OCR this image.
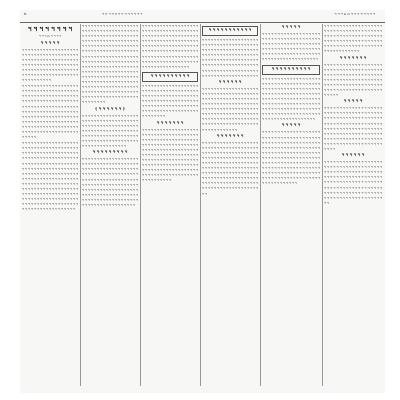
๒	ฯ ก ฯ ฯ ก ฯ ฯ ฯ ฯ ฯ ฯ ฯ ฯ	ฯ ฯ ฯ ๑ ๓ ฯ ฯ ฯ ฯ ฯ ฯ ฯ ฯ
ฯ ฯ ฯ ฯ ฯ ฯ ฯ ฯ
ฯ ฯ ฯ ๓ ฯ ฯ ฯ ฯ
ฯ ฯ ฯ ฯ ฯ

ฯ ฯ ฯ ฯ ฯ ฯ ฯ ฯ ฯ ฯ ฯ ฯ ฯ ฯ ฯ ฯ ฯ ฯ ฯ ฯ ฯ ฯ ฯ ฯ ฯ ฯ ฯ ฯ ฯ ฯ ฯ ฯ ฯ ฯ ฯ ฯ ฯ ฯ ฯ ฯ ฯ ฯ ฯ ฯ ฯ ฯ ฯ ฯ ฯ ฯ ฯ ฯ ฯ ฯ ฯ ฯ ฯ ฯ ฯ ฯ ฯ ฯ ฯ ฯ ฯ ฯ ฯ ฯ ฯ ฯ ฯ ฯ ฯ ฯ ฯ ฯ ฯ ฯ ฯ ฯ ฯ ฯ ฯ ฯ ฯ ฯ ฯ ฯ ฯ ฯ ฯ ฯ ฯ ฯ ฯ ฯ ฯ ฯ ฯ ฯ ฯ ฯ ฯ ฯ ฯ ฯ ฯ ฯ ฯ ฯ ฯ ฯ ฯ ฯ ฯ ฯ ฯ ฯ ฯ ฯ ฯ ฯ ฯ ฯ

ฯ ฯ ฯ ฯ ฯ ฯ ฯ ฯ ฯ ฯ ฯ ฯ ฯ ฯ ฯ ฯ ฯ ฯ ฯ ฯ ฯ ฯ ฯ ฯ ฯ ฯ ฯ ฯ ฯ ฯ ฯ ฯ ฯ ฯ ฯ ฯ ฯ ฯ ฯ ฯ ฯ ฯ ฯ ฯ ฯ ฯ ฯ ฯ ฯ ฯ ฯ ฯ ฯ ฯ ฯ ฯ ฯ ฯ ฯ ฯ ฯ ฯ ฯ ฯ ฯ ฯ ฯ ฯ ฯ ฯ ฯ ฯ ฯ ฯ ฯ ฯ ฯ ฯ ฯ ฯ ฯ ฯ ฯ ฯ ฯ ฯ ฯ ฯ ฯ ฯ ฯ ฯ ฯ ฯ ฯ ฯ ฯ ฯ ฯ ฯ ฯ ฯ ฯ ฯ ฯ ฯ ฯ ฯ ฯ ฯ ฯ ฯ ฯ ฯ ฯ ฯ ฯ ฯ ฯ ฯ ฯ ฯ ฯ ฯ ฯ ฯ ฯ ฯ ฯ ฯ ฯ ฯ ฯ ฯ ฯ ฯ ฯ ฯ ฯ ฯ ฯ ฯ ฯ ฯ ฯ ฯ ฯ ฯ ฯ ฯ ฯ ฯ ฯ ฯ ฯ ฯ ฯ ฯ ฯ ฯ ฯ ฯ ฯ ฯ ฯ ฯ ฯ ฯ ฯ ฯ ฯ ฯ ฯ ฯ ฯ ฯ ฯ ฯ ฯ ฯ ฯ ฯ ฯ ฯ ฯ ฯ ฯ ฯ ฯ ฯ ฯ ฯ ฯ ฯ ฯ

ฯ ฯ ฯ ฯ ฯ ฯ ฯ ฯ ฯ ฯ ฯ ฯ ฯ ฯ ฯ ฯ ฯ ฯ ฯ ฯ ฯ ฯ ฯ ฯ ฯ ฯ ฯ ฯ ฯ ฯ ฯ ฯ ฯ ฯ ฯ ฯ ฯ ฯ ฯ ฯ ฯ ฯ ฯ ฯ ฯ ฯ ฯ ฯ ฯ ฯ ฯ ฯ ฯ ฯ ฯ ฯ ฯ ฯ ฯ ฯ ฯ ฯ ฯ ฯ ฯ ฯ ฯ ฯ ฯ ฯ ฯ ฯ ฯ ฯ ฯ ฯ ฯ ฯ ฯ ฯ ฯ ฯ ฯ ฯ ฯ ฯ ฯ ฯ ฯ ฯ ฯ ฯ ฯ ฯ ฯ ฯ ฯ ฯ ฯ ฯ ฯ ฯ ฯ ฯ ฯ ฯ ฯ ฯ ฯ ฯ ฯ ฯ ฯ ฯ ฯ ฯ ฯ ฯ ฯ ฯ ฯ ฯ ฯ ฯ ฯ ฯ ฯ ฯ ฯ ฯ ฯ ฯ ฯ ฯ ฯ ฯ ฯ ฯ ฯ ฯ ฯ ฯ ฯ ฯ ฯ ฯ ฯ ฯ ฯ ฯ ฯ ฯ ฯ ฯ ฯ ฯ ฯ ฯ ฯ ฯ ฯ ฯ ฯ ฯ ฯ ฯ ฯ ฯ ฯ ฯ ฯ ฯ ฯ ฯ ฯ ฯ ฯ ฯ ฯ ฯ ฯ ฯ ฯ ฯ ฯ ฯ ฯ ฯ ฯ ฯ ฯ ฯ ฯ ฯ ฯ ฯ ฯ ฯ ฯ ฯ ฯ ฯ ฯ ฯ ฯ ฯ ฯ ฯ ฯ ฯ ฯ ฯ ฯ ฯ ฯ ฯ ฯ ฯ ฯ ฯ ฯ ฯ ฯ ฯ ฯ ฯ ฯ ฯ ฯ ฯ ฯ ฯ ฯ ฯ ฯ ฯ ฯ ฯ ฯ ฯ ฯ ฯ ฯ ฯ ฯ ฯ ฯ ฯ ฯ ฯ ฯ ฯ ฯ ฯ ฯ ฯ ฯ ฯ ฯ ฯ ฯ ฯ ฯ ฯ ฯ

ฯ ฯ ฯ ฯ ฯ ฯ ฯ ฯ ฯ ฯ ฯ ฯ ฯ ฯ ฯ ฯ ฯ ฯ ฯ ฯ ฯ ฯ ฯ ฯ ฯ ฯ ฯ ฯ ฯ ฯ ฯ ฯ ฯ ฯ ฯ ฯ ฯ ฯ ฯ ฯ ฯ ฯ ฯ ฯ ฯ ฯ ฯ ฯ ฯ ฯ ฯ ฯ ฯ ฯ ฯ ฯ ฯ ฯ ฯ ฯ ฯ ฯ ฯ ฯ ฯ ฯ ฯ ฯ ฯ ฯ ฯ ฯ ฯ ฯ ฯ ฯ ฯ ฯ ฯ ฯ ฯ ฯ ฯ ฯ ฯ ฯ ฯ ฯ ฯ ฯ ฯ ฯ ฯ ฯ ฯ ฯ ฯ ฯ ฯ ฯ ฯ ฯ ฯ ฯ ฯ ฯ ฯ ฯ ฯ ฯ ฯ ฯ ฯ ฯ ฯ ฯ ฯ ฯ ฯ ฯ ฯ ฯ ฯ ฯ ฯ ฯ ฯ ฯ ฯ ฯ ฯ ฯ ฯ ฯ ฯ ฯ ฯ ฯ ฯ ฯ ฯ ฯ ฯ ฯ ฯ ฯ ฯ ฯ ฯ ฯ ฯ ฯ ฯ ฯ ฯ ฯ ฯ ฯ ฯ ฯ ฯ ฯ ฯ ฯ ฯ ฯ ฯ ฯ ฯ ฯ ฯ ฯ ฯ ฯ ฯ ฯ ฯ ฯ ฯ ฯ ฯ ฯ ฯ ฯ ฯ ฯ ฯ ฯ ฯ ฯ ฯ ฯ ฯ ฯ ฯ ฯ ฯ ฯ ฯ ฯ ฯ ฯ ฯ ฯ ฯ ฯ ฯ ฯ ฯ ฯ ฯ ฯ ฯ ฯ ฯ ฯ ฯ ฯ ฯ ฯ ฯ ฯ ฯ ฯ ฯ ฯ ฯ ฯ ฯ ฯ ฯ ฯ ฯ ฯ ฯ ฯ ฯ ฯ ฯ ฯ ฯ ฯ ฯ ฯ ฯ ฯ ฯ ฯ ฯ ฯ ฯ ฯ ฯ ฯ ฯ ฯ ฯ ฯ ฯ ฯ ฯ ฯ ฯ ฯ ฯ ฯ ฯ ฯ ฯ ฯ ฯ ฯ ฯ ฯ ฯ ฯ ฯ ฯ ฯ ฯ ฯ ฯ ฯ ฯ ฯ ฯ ฯ ฯ ฯ ฯ ฯ ฯ ฯ

( ฯ ฯ ฯ ฯ ฯ ฯ )

ฯ ฯ ฯ ฯ ฯ ฯ ฯ ฯ ฯ ฯ ฯ ฯ ฯ ฯ ฯ ฯ ฯ ฯ ฯ ฯ ฯ ฯ ฯ ฯ ฯ ฯ ฯ ฯ ฯ ฯ ฯ ฯ ฯ ฯ ฯ ฯ ฯ ฯ ฯ ฯ ฯ ฯ ฯ ฯ ฯ ฯ ฯ ฯ ฯ ฯ ฯ ฯ ฯ ฯ ฯ ฯ ฯ ฯ ฯ ฯ ฯ ฯ ฯ ฯ ฯ ฯ ฯ ฯ ฯ ฯ ฯ ฯ ฯ ฯ ฯ ฯ ฯ ฯ ฯ ฯ ฯ ฯ ฯ ฯ ฯ ฯ ฯ ฯ ฯ ฯ ฯ ฯ ฯ ฯ ฯ ฯ ฯ ฯ ฯ ฯ ฯ ฯ ฯ ฯ ฯ ฯ ฯ ฯ ฯ ฯ ฯ ฯ ฯ ฯ ฯ ฯ ฯ ฯ ฯ ฯ ฯ ฯ ฯ ฯ ฯ ฯ ฯ ฯ ฯ

ฯ ฯ ฯ ฯ ฯ ฯ ฯ ฯ ฯ

ฯ ฯ ฯ ฯ ฯ ฯ ฯ ฯ ฯ ฯ ฯ ฯ ฯ ฯ ฯ ฯ ฯ ฯ ฯ ฯ ฯ ฯ ฯ ฯ ฯ ฯ ฯ ฯ ฯ ฯ ฯ ฯ ฯ ฯ ฯ ฯ ฯ ฯ ฯ ฯ ฯ ฯ ฯ ฯ ฯ ฯ ฯ ฯ ฯ ฯ ฯ ฯ ฯ ฯ ฯ ฯ ฯ ฯ ฯ ฯ ฯ ฯ ฯ ฯ ฯ ฯ ฯ ฯ ฯ ฯ ฯ ฯ ฯ ฯ ฯ ฯ ฯ ฯ ฯ ฯ ฯ ฯ ฯ ฯ ฯ ฯ ฯ ฯ ฯ ฯ ฯ ฯ ฯ ฯ ฯ ฯ ฯ ฯ ฯ ฯ ฯ ฯ ฯ ฯ ฯ ฯ ฯ ฯ ฯ ฯ ฯ ฯ ฯ ฯ ฯ ฯ ฯ ฯ ฯ ฯ ฯ ฯ ฯ ฯ ฯ ฯ ฯ ฯ ฯ ฯ ฯ ฯ ฯ ฯ ฯ ฯ ฯ ฯ ฯ ฯ ฯ ฯ ฯ ฯ ฯ ฯ ฯ ฯ ฯ ฯ ฯ ฯ ฯ ฯ ฯ ฯ ฯ ฯ ฯ ฯ ฯ ฯ ฯ ฯ ฯ ฯ ฯ ฯ ฯ ฯ ฯ ฯ ฯ ฯ ฯ ฯ ฯ ฯ ฯ ฯ ฯ ฯ ฯ ฯ ฯ ฯ ฯ ฯ ฯ

ฯ ฯ ฯ ฯ ฯ ฯ ฯ ฯ ฯ ฯ ฯ ฯ ฯ ฯ ฯ ฯ ฯ ฯ ฯ ฯ ฯ ฯ ฯ ฯ ฯ ฯ ฯ ฯ ฯ ฯ ฯ ฯ ฯ ฯ ฯ ฯ ฯ ฯ ฯ ฯ ฯ ฯ ฯ ฯ ฯ ฯ ฯ ฯ ฯ ฯ ฯ ฯ ฯ ฯ ฯ ฯ ฯ ฯ ฯ ฯ ฯ ฯ ฯ ฯ ฯ ฯ ฯ ฯ ฯ ฯ ฯ ฯ ฯ ฯ ฯ ฯ ฯ ฯ ฯ ฯ ฯ ฯ ฯ ฯ ฯ ฯ ฯ ฯ ฯ ฯ ฯ ฯ ฯ ฯ ฯ ฯ ฯ ฯ ฯ ฯ ฯ ฯ ฯ ฯ ฯ ฯ ฯ ฯ ฯ ฯ ฯ ฯ ฯ ฯ ฯ ฯ ฯ ฯ ฯ ฯ ฯ ฯ ฯ ฯ ฯ ฯ ฯ ฯ ฯ ฯ ฯ ฯ ฯ ฯ ฯ ฯ ฯ ฯ ฯ ฯ ฯ ฯ ฯ ฯ ฯ ฯ ฯ ฯ ฯ ฯ ฯ ฯ ฯ ฯ ฯ ฯ ฯ ฯ ฯ ฯ ฯ ฯ ฯ ฯ ฯ ฯ ฯ ฯ

ฯ ฯ ฯ ฯ ฯ ฯ ฯ ฯ ฯ ฯ

ฯ ฯ ฯ ฯ ฯ ฯ ฯ ฯ ฯ ฯ ฯ ฯ ฯ ฯ ฯ ฯ ฯ ฯ ฯ ฯ ฯ ฯ ฯ ฯ ฯ ฯ ฯ ฯ ฯ ฯ ฯ ฯ ฯ ฯ ฯ ฯ ฯ ฯ ฯ ฯ ฯ ฯ ฯ ฯ ฯ ฯ ฯ ฯ ฯ ฯ ฯ ฯ ฯ ฯ ฯ ฯ ฯ ฯ ฯ ฯ ฯ ฯ ฯ ฯ ฯ ฯ ฯ ฯ ฯ ฯ ฯ ฯ ฯ ฯ ฯ ฯ ฯ ฯ ฯ ฯ ฯ ฯ ฯ ฯ ฯ ฯ ฯ ฯ ฯ ฯ ฯ ฯ ฯ ฯ ฯ ฯ ฯ ฯ ฯ ฯ ฯ ฯ ฯ ฯ ฯ ฯ ฯ ฯ ฯ ฯ ฯ ฯ ฯ ฯ ฯ ฯ ฯ ฯ ฯ ฯ ฯ ฯ

ฯ ฯ ฯ ฯ ฯ ฯ ฯ

ฯ ฯ ฯ ฯ ฯ ฯ ฯ ฯ ฯ ฯ ฯ ฯ ฯ ฯ ฯ ฯ ฯ ฯ ฯ ฯ ฯ ฯ ฯ ฯ ฯ ฯ ฯ ฯ ฯ ฯ ฯ ฯ ฯ ฯ ฯ ฯ ฯ ฯ ฯ ฯ ฯ ฯ ฯ ฯ ฯ ฯ ฯ ฯ ฯ ฯ ฯ ฯ ฯ ฯ ฯ ฯ ฯ ฯ ฯ ฯ ฯ ฯ ฯ ฯ ฯ ฯ ฯ ฯ ฯ ฯ ฯ ฯ ฯ ฯ ฯ ฯ ฯ ฯ ฯ ฯ ฯ ฯ ฯ ฯ ฯ ฯ ฯ ฯ ฯ ฯ ฯ ฯ ฯ ฯ ฯ ฯ ฯ ฯ ฯ ฯ ฯ ฯ ฯ ฯ ฯ ฯ ฯ ฯ ฯ ฯ ฯ ฯ ฯ ฯ ฯ ฯ ฯ ฯ ฯ ฯ ฯ ฯ ฯ ฯ ฯ ฯ ฯ ฯ ฯ ฯ ฯ ฯ ฯ ฯ ฯ ฯ ฯ ฯ ฯ ฯ ฯ ฯ ฯ ฯ ฯ ฯ ฯ ฯ ฯ ฯ ฯ ฯ ฯ ฯ ฯ ฯ ฯ ฯ ฯ ฯ ฯ ฯ ฯ ฯ ฯ ฯ ฯ ฯ ฯ ฯ ฯ ฯ ฯ ฯ ฯ ฯ ฯ ฯ ฯ ฯ ฯ ฯ ฯ ฯ ฯ ฯ ฯ ฯ ฯ ฯ ฯ ฯ ฯ ฯ ฯ ฯ ฯ ฯ ฯ ฯ

ฯ ฯ ฯ ฯ ฯ ฯ ฯ ฯ ฯ ฯ ฯ

ฯ ฯ ฯ ฯ ฯ ฯ ฯ ฯ ฯ ฯ ฯ ฯ ฯ ฯ ฯ ฯ ฯ ฯ ฯ ฯ ฯ ฯ ฯ ฯ ฯ ฯ ฯ ฯ ฯ ฯ ฯ ฯ ฯ ฯ ฯ ฯ ฯ ฯ ฯ ฯ ฯ ฯ ฯ ฯ ฯ ฯ ฯ ฯ ฯ ฯ ฯ ฯ ฯ ฯ ฯ ฯ ฯ ฯ ฯ ฯ ฯ ฯ ฯ ฯ ฯ ฯ ฯ ฯ ฯ ฯ ฯ ฯ ฯ ฯ ฯ ฯ ฯ ฯ ฯ ฯ ฯ ฯ ฯ ฯ ฯ ฯ ฯ ฯ ฯ ฯ ฯ ฯ ฯ ฯ ฯ ฯ ฯ ฯ ฯ ฯ ฯ ฯ ฯ ฯ ฯ ฯ ฯ ฯ ฯ ฯ ฯ ฯ ฯ ฯ ฯ ฯ ฯ ฯ ฯ ฯ ฯ ฯ ฯ ฯ ฯ ฯ ฯ ฯ ฯ ฯ ฯ ฯ ฯ ฯ ฯ ฯ ฯ ฯ ฯ ฯ ฯ ฯ ฯ ฯ ฯ ฯ ฯ ฯ ฯ ฯ ฯ ฯ

ฯ ฯ ฯ ฯ ฯ ฯ

ฯ ฯ ฯ ฯ ฯ ฯ ฯ ฯ ฯ ฯ ฯ ฯ ฯ ฯ ฯ ฯ ฯ ฯ ฯ ฯ ฯ ฯ ฯ ฯ ฯ ฯ ฯ ฯ ฯ ฯ ฯ ฯ ฯ ฯ ฯ ฯ ฯ ฯ ฯ ฯ ฯ ฯ ฯ ฯ ฯ ฯ ฯ ฯ ฯ ฯ ฯ ฯ ฯ ฯ ฯ ฯ ฯ ฯ ฯ ฯ ฯ ฯ ฯ ฯ ฯ ฯ ฯ ฯ ฯ ฯ ฯ ฯ ฯ ฯ ฯ ฯ ฯ ฯ ฯ ฯ ฯ ฯ ฯ ฯ ฯ ฯ ฯ ฯ ฯ ฯ ฯ ฯ ฯ ฯ ฯ ฯ ฯ ฯ ฯ ฯ ฯ ฯ ฯ ฯ ฯ ฯ ฯ ฯ ฯ ฯ ฯ ฯ ฯ ฯ ฯ ฯ ฯ ฯ ฯ ฯ ฯ ฯ ฯ ฯ ฯ ฯ ฯ ฯ ฯ ฯ ฯ ฯ ฯ ฯ ฯ ฯ ฯ ฯ ฯ ฯ ฯ ฯ ฯ ฯ ฯ ฯ ฯ ฯ ฯ ฯ ฯ ฯ ฯ ฯ ฯ ฯ ฯ ฯ ฯ ฯ ฯ ฯ ฯ ฯ

ฯ ฯ ฯ ฯ ฯ ฯ ฯ

ฯ ฯ ฯ ฯ ฯ ฯ ฯ ฯ ฯ ฯ ฯ ฯ ฯ ฯ ฯ ฯ ฯ ฯ ฯ ฯ ฯ ฯ ฯ ฯ ฯ ฯ ฯ ฯ ฯ ฯ ฯ ฯ ฯ ฯ ฯ ฯ ฯ ฯ ฯ ฯ ฯ ฯ ฯ ฯ ฯ ฯ ฯ ฯ ฯ ฯ ฯ ฯ ฯ ฯ ฯ ฯ ฯ ฯ ฯ ฯ ฯ ฯ ฯ ฯ ฯ ฯ ฯ ฯ ฯ ฯ ฯ ฯ ฯ ฯ ฯ ฯ ฯ ฯ ฯ ฯ ฯ ฯ ฯ ฯ ฯ ฯ ฯ ฯ ฯ ฯ ฯ ฯ ฯ ฯ ฯ ฯ ฯ ฯ ฯ ฯ ฯ ฯ ฯ ฯ ฯ ฯ ฯ ฯ ฯ ฯ ฯ ฯ ฯ ฯ ฯ ฯ ฯ ฯ ฯ ฯ ฯ ฯ ฯ ฯ ฯ ฯ ฯ ฯ ฯ ฯ ฯ ฯ ฯ ฯ ฯ ฯ ฯ ฯ ฯ ฯ ฯ ฯ ฯ ฯ ฯ ฯ ฯ ฯ ฯ ฯ ฯ ฯ ฯ ฯ ฯ ฯ ฯ ฯ ฯ ฯ ฯ ฯ ฯ ฯ ฯ ฯ ฯ ฯ ฯ ฯ ฯ ฯ ฯ ฯ ฯ ฯ ฯ ฯ ฯ ฯ ฯ ฯ ฯ ฯ ฯ ฯ ฯ ฯ ฯ ฯ ฯ ฯ

ฯ ฯ ฯ ฯ ฯ

ฯ ฯ ฯ ฯ ฯ ฯ ฯ ฯ ฯ ฯ ฯ ฯ ฯ ฯ ฯ ฯ ฯ ฯ ฯ ฯ ฯ ฯ ฯ ฯ ฯ ฯ ฯ ฯ ฯ ฯ ฯ ฯ ฯ ฯ ฯ ฯ ฯ ฯ ฯ ฯ ฯ ฯ ฯ ฯ ฯ ฯ ฯ ฯ ฯ ฯ ฯ ฯ ฯ ฯ ฯ ฯ ฯ ฯ ฯ ฯ ฯ ฯ ฯ ฯ ฯ ฯ ฯ ฯ ฯ ฯ ฯ ฯ ฯ ฯ ฯ ฯ ฯ ฯ ฯ ฯ ฯ ฯ ฯ ฯ ฯ ฯ ฯ ฯ ฯ ฯ ฯ ฯ ฯ ฯ ฯ ฯ ฯ ฯ ฯ ฯ ฯ ฯ ฯ ฯ ฯ ฯ ฯ ฯ ฯ ฯ ฯ ฯ ฯ ฯ

ฯ ฯ ฯ ฯ ฯ ฯ ฯ ฯ ฯ ฯ

ฯ ฯ ฯ ฯ ฯ ฯ ฯ ฯ ฯ ฯ ฯ ฯ ฯ ฯ ฯ ฯ ฯ ฯ ฯ ฯ ฯ ฯ ฯ ฯ ฯ ฯ ฯ ฯ ฯ ฯ ฯ ฯ ฯ ฯ ฯ ฯ ฯ ฯ ฯ ฯ ฯ ฯ ฯ ฯ ฯ ฯ ฯ ฯ ฯ ฯ ฯ ฯ ฯ ฯ ฯ ฯ ฯ ฯ ฯ ฯ ฯ ฯ ฯ ฯ ฯ ฯ ฯ ฯ ฯ ฯ ฯ ฯ ฯ ฯ ฯ ฯ ฯ ฯ ฯ ฯ ฯ ฯ ฯ ฯ ฯ ฯ ฯ ฯ ฯ ฯ ฯ ฯ ฯ ฯ ฯ ฯ ฯ ฯ ฯ ฯ ฯ ฯ ฯ ฯ ฯ ฯ ฯ ฯ ฯ ฯ ฯ ฯ ฯ ฯ ฯ ฯ ฯ ฯ ฯ ฯ ฯ ฯ ฯ ฯ ฯ ฯ ฯ ฯ ฯ ฯ ฯ ฯ ฯ ฯ ฯ ฯ ฯ ฯ ฯ ฯ ฯ ฯ ฯ ฯ ฯ ฯ ฯ ฯ ฯ ฯ ฯ ฯ ฯ ฯ ฯ ฯ ฯ ฯ ฯ ฯ ฯ ฯ ฯ ฯ ฯ ฯ ฯ ฯ ฯ ฯ

ฯ ฯ ฯ ฯ ฯ

ฯ ฯ ฯ ฯ ฯ ฯ ฯ ฯ ฯ ฯ ฯ ฯ ฯ ฯ ฯ ฯ ฯ ฯ ฯ ฯ ฯ ฯ ฯ ฯ ฯ ฯ ฯ ฯ ฯ ฯ ฯ ฯ ฯ ฯ ฯ ฯ ฯ ฯ ฯ ฯ ฯ ฯ ฯ ฯ ฯ ฯ ฯ ฯ ฯ ฯ ฯ ฯ ฯ ฯ ฯ ฯ ฯ ฯ ฯ ฯ ฯ ฯ ฯ ฯ ฯ ฯ ฯ ฯ ฯ ฯ ฯ ฯ ฯ ฯ ฯ ฯ ฯ ฯ ฯ ฯ ฯ ฯ ฯ ฯ ฯ ฯ ฯ ฯ ฯ ฯ ฯ ฯ ฯ ฯ ฯ ฯ ฯ ฯ ฯ ฯ ฯ ฯ ฯ ฯ ฯ ฯ ฯ ฯ ฯ ฯ ฯ ฯ ฯ ฯ ฯ ฯ ฯ ฯ ฯ ฯ ฯ ฯ ฯ ฯ ฯ ฯ ฯ ฯ ฯ ฯ ฯ ฯ ฯ ฯ ฯ ฯ ฯ ฯ ฯ ฯ ฯ ฯ ฯ ฯ ฯ ฯ ฯ ฯ ฯ ฯ ฯ ฯ ฯ ฯ ฯ ฯ ฯ ฯ ฯ ฯ ฯ ฯ ฯ ฯ ฯ ฯ ฯ ฯ ฯ ฯ ฯ ฯ ฯ ฯ ฯ ฯ ฯ ฯ ฯ ฯ ฯ ฯ ฯ ฯ ฯ ฯ ฯ ฯ ฯ ฯ ฯ ฯ ฯ ฯ ฯ ฯ ฯ ฯ ฯ ฯ ฯ ฯ

ฯ ฯ ฯ ฯ ฯ ฯ ฯ ฯ ฯ ฯ ฯ ฯ ฯ ฯ ฯ ฯ ฯ ฯ ฯ ฯ ฯ ฯ ฯ ฯ ฯ ฯ ฯ ฯ ฯ ฯ ฯ ฯ ฯ ฯ ฯ ฯ ฯ ฯ ฯ ฯ ฯ ฯ ฯ ฯ ฯ ฯ ฯ ฯ ฯ ฯ ฯ ฯ ฯ ฯ ฯ ฯ ฯ ฯ ฯ ฯ ฯ ฯ ฯ ฯ ฯ ฯ ฯ ฯ ฯ ฯ ฯ ฯ ฯ ฯ ฯ ฯ ฯ ฯ ฯ ฯ ฯ ฯ ฯ ฯ ฯ ฯ ฯ ฯ ฯ ฯ ฯ ฯ ฯ ฯ ฯ ฯ ฯ ฯ ฯ ฯ ฯ ฯ ฯ ฯ ฯ ฯ ฯ

ฯ ฯ ฯ ฯ ฯ ฯ ฯ

ฯ ฯ ฯ ฯ ฯ ฯ ฯ ฯ ฯ ฯ ฯ ฯ ฯ ฯ ฯ ฯ ฯ ฯ ฯ ฯ ฯ ฯ ฯ ฯ ฯ ฯ ฯ ฯ ฯ ฯ ฯ ฯ ฯ ฯ ฯ ฯ ฯ ฯ ฯ ฯ ฯ ฯ ฯ ฯ ฯ ฯ ฯ ฯ ฯ ฯ ฯ ฯ ฯ ฯ ฯ ฯ ฯ ฯ ฯ ฯ ฯ ฯ ฯ ฯ ฯ ฯ ฯ ฯ ฯ ฯ ฯ ฯ ฯ ฯ ฯ ฯ ฯ ฯ ฯ ฯ ฯ ฯ ฯ ฯ ฯ ฯ ฯ ฯ ฯ ฯ ฯ ฯ ฯ ฯ ฯ ฯ ฯ ฯ ฯ ฯ ฯ ฯ ฯ ฯ ฯ ฯ ฯ ฯ ฯ ฯ ฯ ฯ ฯ ฯ ฯ ฯ ฯ ฯ ฯ

ฯ ฯ ฯ ฯ ฯ

ฯ ฯ ฯ ฯ ฯ ฯ ฯ ฯ ฯ ฯ ฯ ฯ ฯ ฯ ฯ ฯ ฯ ฯ ฯ ฯ ฯ ฯ ฯ ฯ ฯ ฯ ฯ ฯ ฯ ฯ ฯ ฯ ฯ ฯ ฯ ฯ ฯ ฯ ฯ ฯ ฯ ฯ ฯ ฯ ฯ ฯ ฯ ฯ ฯ ฯ ฯ ฯ ฯ ฯ ฯ ฯ ฯ ฯ ฯ ฯ ฯ ฯ ฯ ฯ ฯ ฯ ฯ ฯ ฯ ฯ ฯ ฯ ฯ ฯ ฯ ฯ ฯ ฯ ฯ ฯ ฯ ฯ ฯ ฯ ฯ ฯ ฯ ฯ ฯ ฯ ฯ ฯ ฯ ฯ ฯ ฯ ฯ ฯ ฯ ฯ ฯ ฯ ฯ ฯ ฯ ฯ ฯ ฯ ฯ ฯ ฯ ฯ ฯ ฯ ฯ ฯ ฯ ฯ ฯ ฯ ฯ ฯ ฯ ฯ ฯ ฯ ฯ ฯ ฯ ฯ ฯ ฯ ฯ ฯ ฯ ฯ ฯ ฯ ฯ ฯ ฯ ฯ ฯ ฯ ฯ ฯ ฯ ฯ ฯ ฯ ฯ ฯ ฯ ฯ ฯ ฯ

ฯ ฯ ฯ ฯ ฯ ฯ

ฯ ฯ ฯ ฯ ฯ ฯ ฯ ฯ ฯ ฯ ฯ ฯ ฯ ฯ ฯ ฯ ฯ ฯ ฯ ฯ ฯ ฯ ฯ ฯ ฯ ฯ ฯ ฯ ฯ ฯ ฯ ฯ ฯ ฯ ฯ ฯ ฯ ฯ ฯ ฯ ฯ ฯ ฯ ฯ ฯ ฯ ฯ ฯ ฯ ฯ ฯ ฯ ฯ ฯ ฯ ฯ ฯ ฯ ฯ ฯ ฯ ฯ ฯ ฯ ฯ ฯ ฯ ฯ ฯ ฯ ฯ ฯ ฯ ฯ ฯ ฯ ฯ ฯ ฯ ฯ ฯ ฯ ฯ ฯ ฯ ฯ ฯ ฯ ฯ ฯ ฯ ฯ ฯ ฯ ฯ ฯ ฯ ฯ ฯ ฯ ฯ ฯ ฯ ฯ ฯ ฯ ฯ ฯ ฯ ฯ ฯ ฯ ฯ ฯ ฯ ฯ ฯ ฯ ฯ ฯ ฯ ฯ ฯ ฯ ฯ ฯ ฯ ฯ ฯ ฯ ฯ ฯ ฯ ฯ ฯ ฯ ฯ ฯ ฯ ฯ ฯ ฯ ฯ ฯ ฯ ฯ ฯ ฯ ฯ ฯ ฯ ฯ ฯ ฯ
